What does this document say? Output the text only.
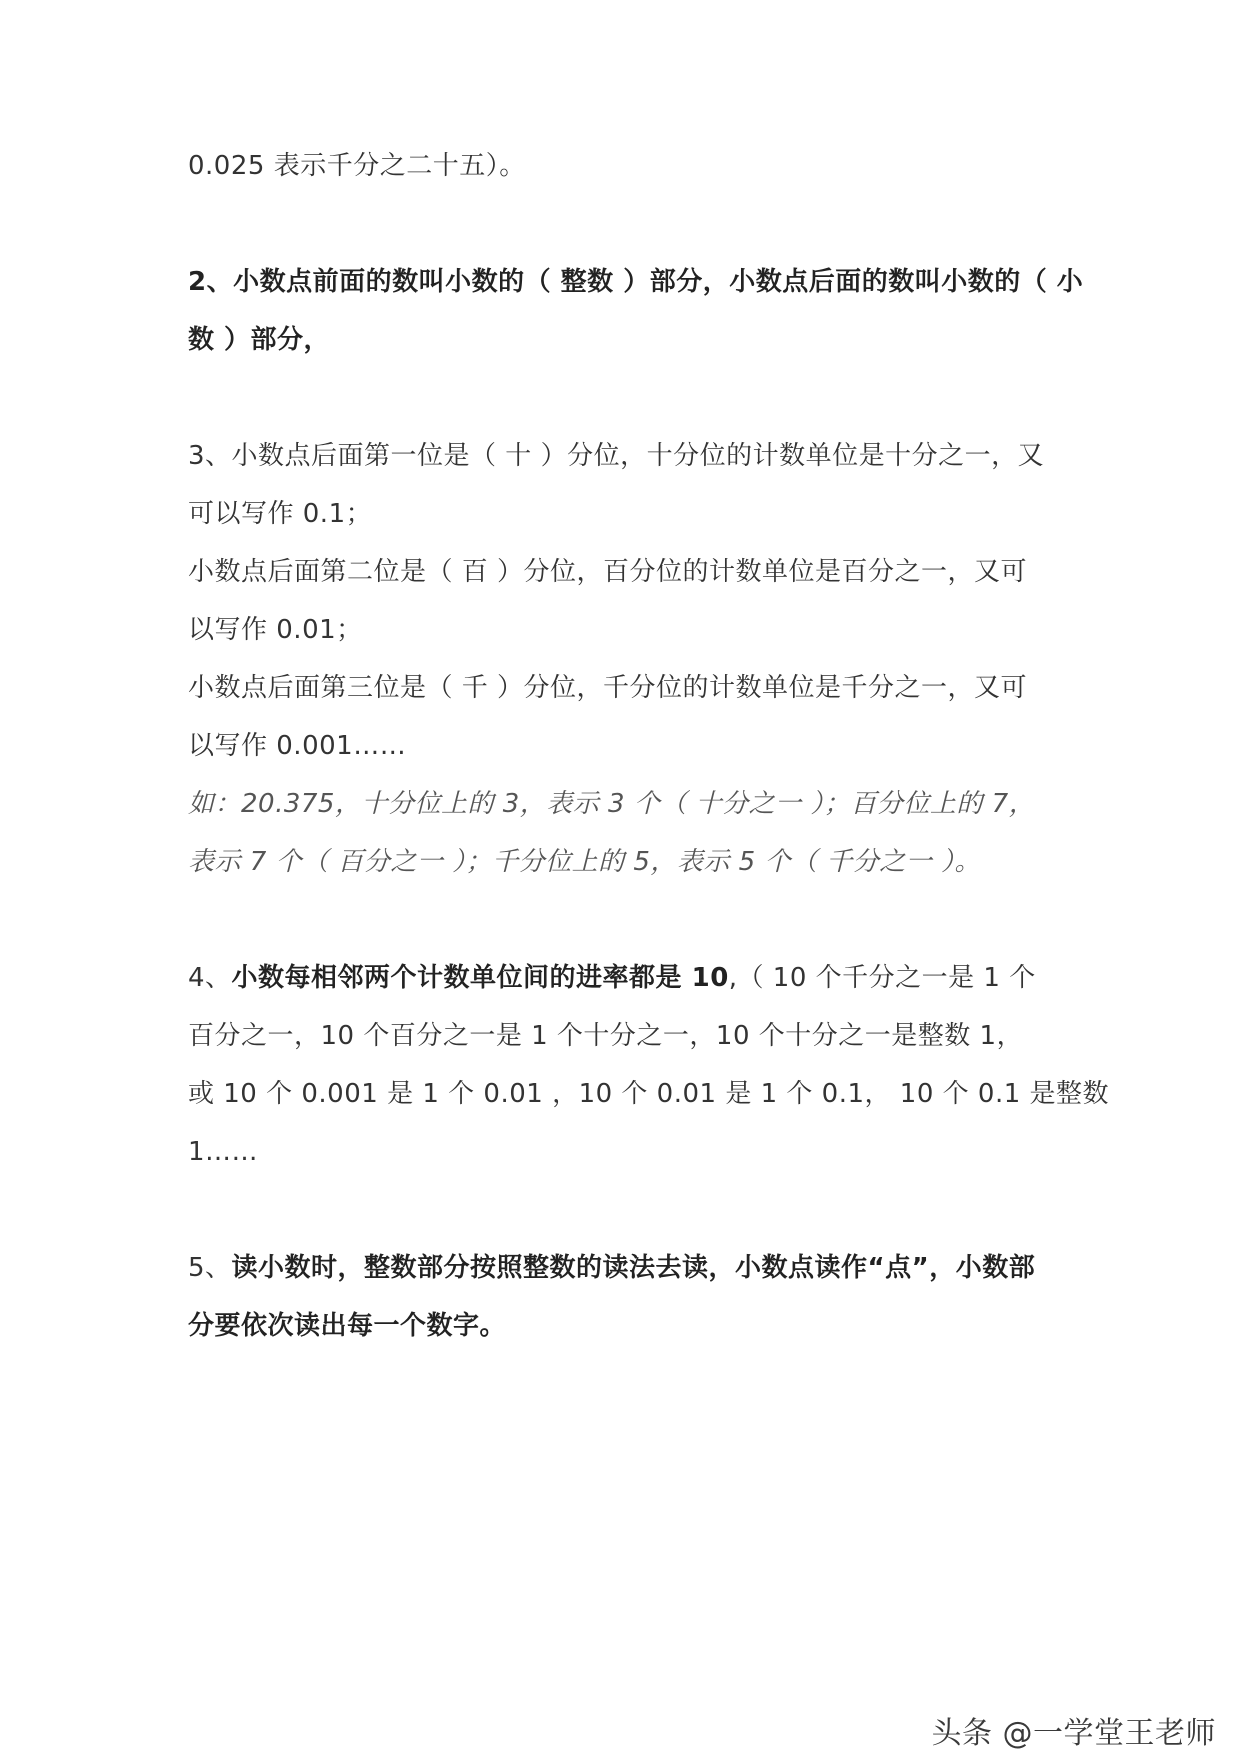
0.025 表示千分之二十五）。
2、小数点前面的数叫小数的（ 整数 ）部分，小数点后面的数叫小数的（ 小
数 ）部分，
3、小数点后面第一位是（ 十 ）分位，十分位的计数单位是十分之一，又
可以写作 0.1；
小数点后面第二位是（ 百 ）分位，百分位的计数单位是百分之一，又可
以写作 0.01；
小数点后面第三位是（ 千 ）分位，千分位的计数单位是千分之一，又可
以写作 0.001……
如：20.375，十分位上的 3，表示 3 个（ 十分之一 ）；百分位上的 7，
表示 7 个（ 百分之一 ）；千分位上的 5，表示 5 个（ 千分之一 ）。
4、小数每相邻两个计数单位间的进率都是 10,（ 10 个千分之一是 1 个
百分之一，10 个百分之一是 1 个十分之一，10 个十分之一是整数 1，
或 10 个 0.001 是 1 个 0.01 ，10 个 0.01 是 1 个 0.1， 10 个 0.1 是整数
1……
5、读小数时，整数部分按照整数的读法去读，小数点读作“点”，小数部
分要依次读出每一个数字。
头条 @一学堂王老师
